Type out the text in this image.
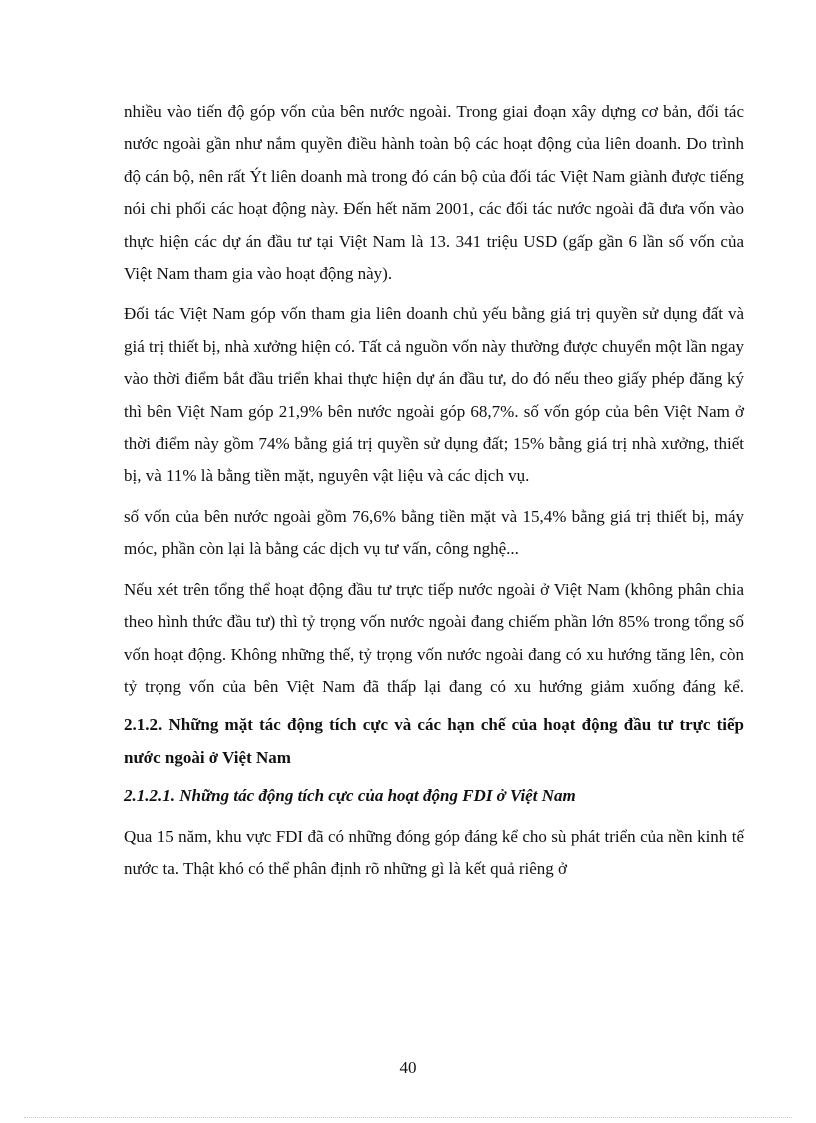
nhiều vào tiến độ góp vốn của bên nước ngoài. Trong giai đoạn xây dựng cơ bản, đối tác nước ngoài gần như nắm quyền điều hành toàn bộ các hoạt động của liên doanh. Do trình độ cán bộ, nên rất Ýt liên doanh mà trong đó cán bộ của đối tác Việt Nam giành được tiếng nói chi phối các hoạt động này. Đến hết năm 2001, các đối tác nước ngoài đã đưa vốn vào thực hiện các dự án đầu tư tại Việt Nam là 13. 341 triệu USD (gấp gần 6 lần số vốn của Việt Nam tham gia vào hoạt động này).

Đối tác Việt Nam góp vốn tham gia liên doanh chủ yếu bằng giá trị quyền sử dụng đất và giá trị thiết bị, nhà xưởng hiện có. Tất cả nguồn vốn này thường được chuyển một lần ngay vào thời điểm bắt đầu triển khai thực hiện dự án đầu tư, do đó nếu theo giấy phép đăng ký thì bên Việt Nam góp 21,9% bên nước ngoài góp 68,7%. số vốn góp của bên Việt Nam ở thời điểm này gồm 74% bằng giá trị quyền sử dụng đất; 15% bằng giá trị nhà xưởng, thiết bị, và 11% là bằng tiền mặt, nguyên vật liệu và các dịch vụ.

số vốn của bên nước ngoài gồm 76,6% bằng tiền mặt và 15,4% bằng giá trị thiết bị, máy móc, phần còn lại là bằng các dịch vụ tư vấn, công nghệ...

Nếu xét trên tổng thể hoạt động đầu tư trực tiếp nước ngoài ở Việt Nam (không phân chia theo hình thức đầu tư) thì tỷ trọng vốn nước ngoài đang chiếm phần lớn 85% trong tổng số vốn hoạt động. Không những thế, tỷ trọng vốn nước ngoài đang có xu hướng tăng lên, còn tỷ trọng vốn của bên Việt Nam đã thấp lại đang có xu hướng giảm xuống đáng kể.

2.1.2. Những mặt tác động tích cực và các hạn chế của hoạt động đầu tư trực tiếp nước ngoài ở Việt Nam

2.1.2.1. Những tác động tích cực của hoạt động FDI ở Việt Nam

Qua 15 năm, khu vực FDI đã có những đóng góp đáng kể cho sù phát triển của nền kinh tế nước ta. Thật khó có thể phân định rõ những gì là kết quả riêng ở

40
